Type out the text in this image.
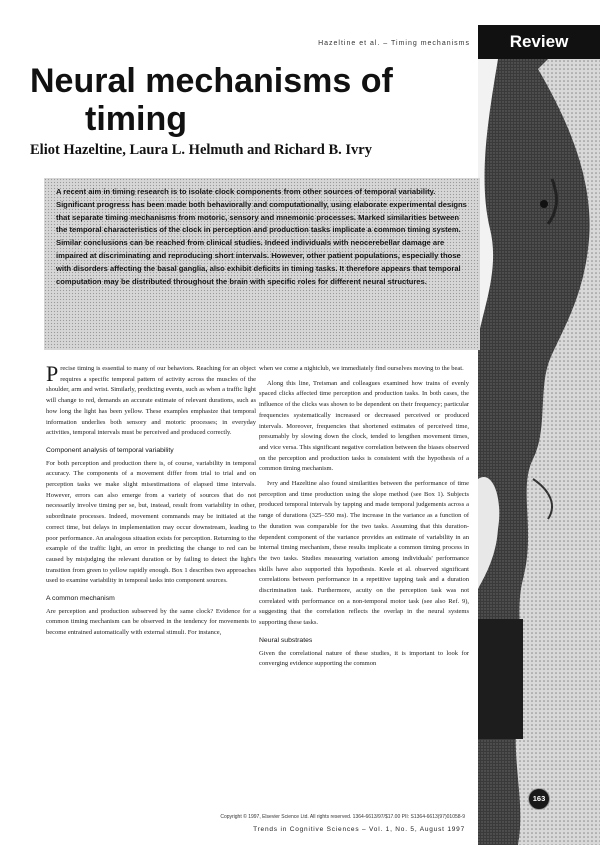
Hazeltine et al. – Timing mechanisms	Review
Neural mechanisms of
timing

Eliot Hazeltine, Laura L. Helmuth and Richard B. Ivry

A recent aim in timing research is to isolate clock components from other sources of temporal variability. Significant progress has been made both behaviorally and computationally, using elaborate experimental designs that separate timing mechanisms from motoric, sensory and mnemonic processes. Marked similarities between the temporal characteristics of the clock in perception and production tasks implicate a common timing system. Similar conclusions can be reached from clinical studies. Indeed individuals with neocerebellar damage are impaired at discriminating and reproducing short intervals. However, other patient populations, especially those with disorders affecting the basal ganglia, also exhibit deficits in timing tasks. It therefore appears that temporal computation may be distributed throughout the brain with specific roles for different neural structures.

Precise timing is essential to many of our behaviors. Reaching for an object requires a specific temporal pattern of activity across the muscles of the shoulder, arm and wrist. Similarly, predicting events, such as when a traffic light will change to red, demands an accurate estimate of relevant durations, such as how long the light has been yellow. These examples emphasize that temporal information underlies both sensory and motoric processes; in everyday activities, temporal intervals must be perceived and produced correctly.

Component analysis of temporal variability

For both perception and production there is, of course, variability in temporal accuracy. The components of a movement differ from trial to trial and on perception tasks we make slight misestimations of elapsed time intervals. However, errors can also emerge from a variety of sources that do not necessarily involve timing per se, but, instead, result from variability in other, subordinate processes. Indeed, movement commands may be initiated at the correct time, but delays in implementation may occur downstream, leading to poor performance. An analogous situation exists for perception. Returning to the example of the traffic light, an error in predicting the change to red can be caused by misjudging the relevant duration or by failing to detect the light's transition from green to yellow rapidly enough. Box 1 describes two approaches used to examine variability in temporal tasks into component sources.

A common mechanism

Are perception and production subserved by the same clock? Evidence for a common timing mechanism can be observed in the tendency for movements to become entrained automatically with external stimuli. For instance,

when we come a nightclub, we immediately find ourselves moving to the beat.

Along this line, Treisman and colleagues examined how trains of evenly spaced clicks affected time perception and production tasks. In both cases, the influence of the clicks was shown to be dependent on their frequency; particular frequencies systematically increased or decreased perceived or produced intervals. Moreover, frequencies that shortened estimates of perceived time, presumably by slowing down the clock, tended to lengthen movement times, and vice versa. This significant negative correlation between the biases observed on the perception and production tasks is consistent with the hypothesis of a common timing mechanism.

Ivry and Hazeltine also found similarities between the performance of time perception and time production using the slope method (see Box 1). Subjects produced temporal intervals by tapping and made temporal judgements across a range of durations (325–550 ms). The increase in the variance as a function of the duration was comparable for the two tasks. Assuming that this duration-dependent component of the variance provides an estimate of variability in an internal timing mechanism, these results implicate a common timing process in the two tasks. Studies measuring variation among individuals' performance skills have also supported this hypothesis. Keele et al. observed significant correlations between performance in a repetitive tapping task and a duration discrimination task. Furthermore, acuity on the perception task was not correlated with performance on a non-temporal motor task (see also Ref. 9), suggesting that the correlation reflects the overlap in the neural systems supporting these tasks.

Neural substrates

Given the correlational nature of these studies, it is important to look for converging evidence supporting the common

163
Copyright © 1997, Elsevier Science Ltd. All rights reserved. 1364-6613/97/$17.00 PII: S1364-6613(97)01058-9
Trends in Cognitive Sciences – Vol. 1, No. 5, August 1997
